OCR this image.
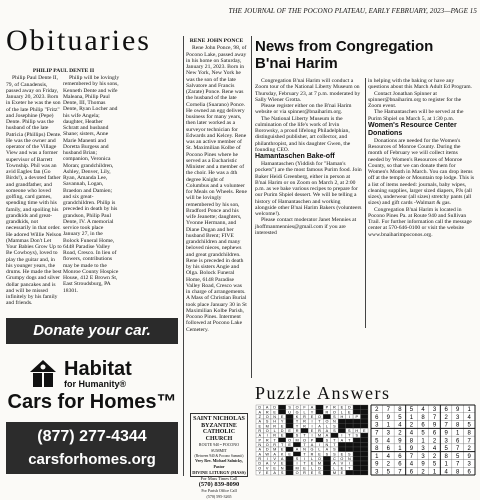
THE JOURNAL OF THE POCONO PLATEAU, EARLY FEBRUARY, 2023—PAGE 15
Obituaries

PHILIP PAUL DENTE II

Philip Paul Dente II, 79, of Canadensis, passed away on Friday, January 20, 2023. Born in Exeter he was the son of the late Philip "Fritz" and Josephine (Pepe) Dente. Philip was the husband of the late Patricia (Phillips) Dente. He was the owner and operator of the Village View and was a former supervisor of Barrett Township. Phil was an avid Eagles fan (Go Birds!), a devoted father and grandfather, and someone who loved golfing, card games, spending time with his family, and spoiling his grandkids and great-grandkids, not necessarily in that order. He adored Willie Nelson (Mammas Don't Let Your Babies Grow Up to Be Cowboys), loved to play the guitar and, in his younger years, the drums. He made the best Grumpy dogs and silver dollar pancakes and is and will be missed infinitely by his family and friends.

Philip will be lovingly remembered by his sons, Kenneth Dente and wife Maleana, Philip Paul Dente, III, Thomas Dente, Ryan Locher and his wife Angela; daughter, Heather Schratt and husband Shane; sisters, Anne Marie Manenti and Doretta Burgess and husband Brian; companion, Veronica Moran; grandchildren, Ashley, Denver, Lily, Ryan, Amanda Lee, Savannah, Logan, Braedon and Damien; and six great-grandchildren. Philip is preceded in death by his grandson, Philip Paul Dente, IV. A memorial service took place January 27, in the Bolock Funeral Home, 6448 Paradise Valley Road, Cresco. In lieu of flowers, contributions may be made to the Monroe County Hospice House, 412 E Brown St, East Stroudsburg, PA 18301.

Donate your car.
Habitat
for Humanity®
Cars for Homes™
(877) 277-4344
carsforhomes.org

RENE JOHN PONCE

Rene John Ponce, 98, of Pocono Lake, passed away in his home on Saturday, January 21, 2023. Born in New York, New York he was the son of the late Salvatore and Francis (Zarate) Ponce. Rene was the husband of the late Cornelia (Suarano) Ponce. He owned an egg delivery business for many years, then later worked as a surveyor technician for Edwards and Kelcey. Rene was an active member of St. Maximilian Kolbe of Pocono Pines where he served as a Eucharistic Minister and a member of the choir. He was a 4th degree Knight of Columbus and a volunteer for Meals on Wheels. Rene will be lovingly remembered by his son, Bradford Ponce and his wife Jeanette; daughters, Yvonne Hermann, and Diane Dugan and her husband Brent; FIVE grandchildren and many beloved nieces, nephews and great grandchildren. Rene is preceded in death by his sisters Angie and Olga. Bolock Funeral Home, 6148 Paradise Valley Road, Cresco was in charge of arrangements. A Mass of Christian Burial took place January 30 in St Maximilian Kolbe Parish, Pocono Pines. Interment followed at Pocono Lake Cemetery.

SAINT NICHOLAS
BYZANTINE
CATHOLIC CHURCH
ROUTE 940 • POCONO SUMMIT
(Between 940 & Pocono Summit)
Very Rev. Michael Salnicky, Pastor
DIVINE LITURGY (MASS)
For Mass Times Call
(570) 839-8090
For Parish Office Call
(570) 595-3265
News from Congregation B'nai Harim

Congregation B'nai Harim will conduct a Zoom tour of the National Liberty Museum on Thursday, February 23, at 7 p.m. moderated by Sally Wiener Grotta.

Please register either on the B'nai Harim website or via spinner@bnaiharim.org.

The National Liberty Museum is the culmination of the life's work of Irvin Borowsky, a proud lifelong Philadelphian, distinguished publisher, art collector, and philanthropist, and his daughter Gwen, the founding CEO.

Hamantaschen Bake-off

Hamantaschen (Yiddish for "Haman's pockets") are the most famous Purim food. Join Baker Heidi Greenberg, either in person at B'nai Harim or on Zoom on March 2, at 2:00 p.m. as we bake various recipes to prepare for our Purim Shpiel dessert. We will be telling a history of Hamantaschen and working alongside other B'nai Harim Bakers (volunteers welcome!).

Please contact moderator Janet Mennies at jhoffmanmennies@gmail.com if you are interested

in helping with the baking or have any questions about this March Adult Ed Program.

Contact Jonathan Spinner at spinner@bnaiharim.org to register for the Zoom event.

The Hamantaschen will be served at the Purim Shpiel on March 5, at 1:30 p.m.

Women's Resource Center Donations

Donations are needed for the Women's Resources of Monroe County. During the month of February we will collect items needed by Women's Resources of Monroe County, so that we can donate them for Women's Month in March. You can drop items off at the temple or Mountain top lodge. This is a list of items needed: journals, baby wipes, cleaning supplies, larger sized diapers, PJs (all sizes), underwear (all sizes) stretchy pants (all sizes) and gift cards -Walmart & gas.

Congregation B'nai Harim is located in Pocono Pines Pa. at Route 940 and Sullivan Trail. For further information call the message center at 570-646-0100 or visit the website www.bnaiharimpoconos.org.

Puzzle Answers
D A D	S O F A	P R E D
A R E	U G L Y	R O L E
Z O N E	K R E O	S H I P
A S H Y	T R I T O N
E M R E	T R I A L S
R O L D E R	E R A S	S H E
A I R E	S T I M A	I T S
P R T	O M O P	S T A T
N O R T E	T A I N T
A D M E	A N G L A S
A W A K E	T R E S S E S
R I V A	S I L O	C O N
D A V E	I T E M	A V I
O V E N	M E L D	L E T
Y E A S	O R E S	M E
2 7 8 5 4 3 6 9 1
6 9 5 1 8 7 2 3 4
3 1 4 2 6 9 7 8 5
7 3 2 4 5 6 9 1 8
5 4 9 8 1 2 3 6 7
8 6 1 9 3 4 5 7 2
1 4 6 7 3 2 8 5 9
9 2 6 4 9 5 1 7 3
3 5 7 6 2 1 4 8 6
